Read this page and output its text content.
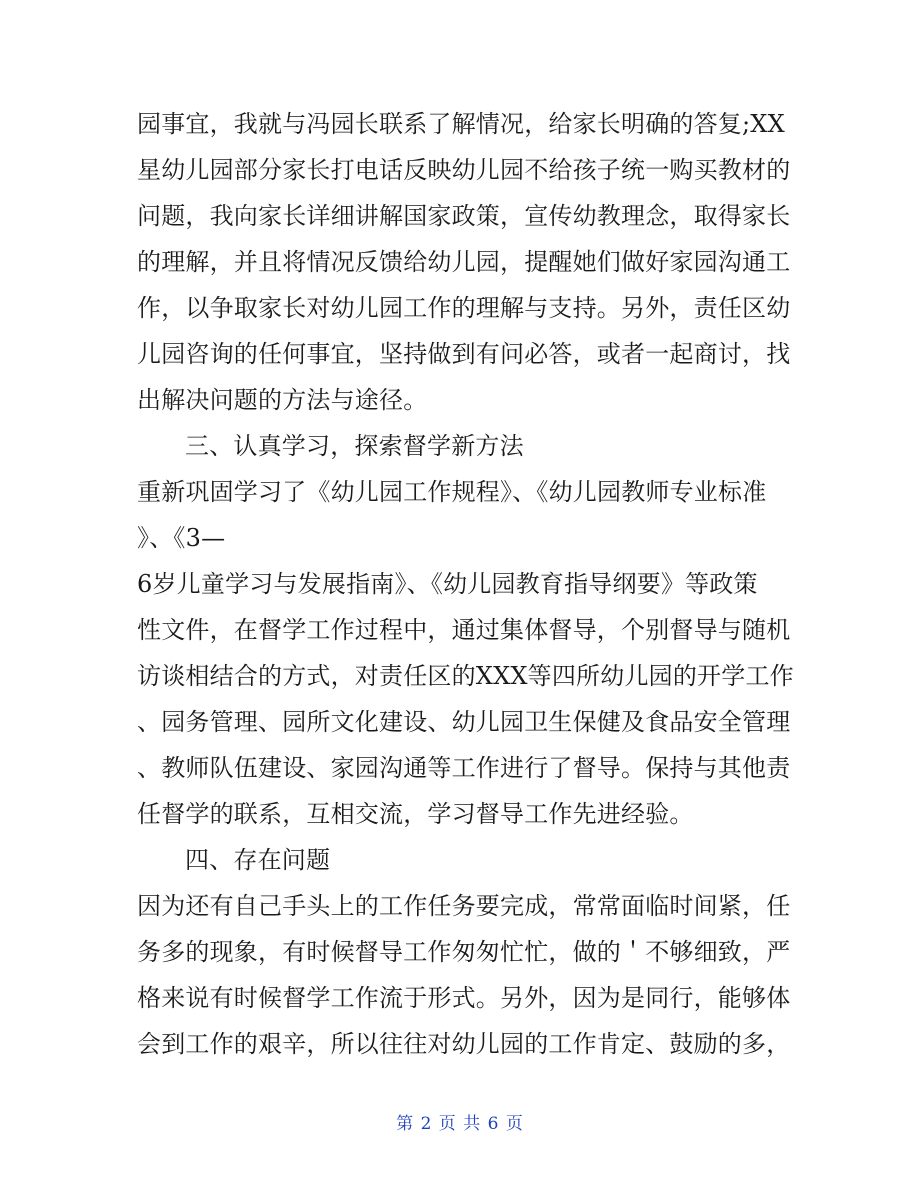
园事宜，我就与冯园长联系了解情况，给家长明确的答复;XX
星幼儿园部分家长打电话反映幼儿园不给孩子统一购买教材的
问题，我向家长详细讲解国家政策，宣传幼教理念，取得家长
的理解，并且将情况反馈给幼儿园，提醒她们做好家园沟通工
作，以争取家长对幼儿园工作的理解与支持。另外，责任区幼
儿园咨询的任何事宜，坚持做到有问必答，或者一起商讨，找
出解决问题的方法与途径。
三、认真学习，探索督学新方法
重新巩固学习了《幼儿园工作规程》、《幼儿园教师专业标准
》、《3—
6岁儿童学习与发展指南》、《幼儿园教育指导纲要》等政策
性文件，在督学工作过程中，通过集体督导，个别督导与随机
访谈相结合的方式，对责任区的XXX等四所幼儿园的开学工作
、园务管理、园所文化建设、幼儿园卫生保健及食品安全管理
、教师队伍建设、家园沟通等工作进行了督导。保持与其他责
任督学的联系，互相交流，学习督导工作先进经验。
四、存在问题
因为还有自己手头上的工作任务要完成，常常面临时间紧，任
务多的现象，有时候督导工作匆匆忙忙，做的＇不够细致，严
格来说有时候督学工作流于形式。另外，因为是同行，能够体
会到工作的艰辛，所以往往对幼儿园的工作肯定、鼓励的多，
第 2 页 共 6 页
